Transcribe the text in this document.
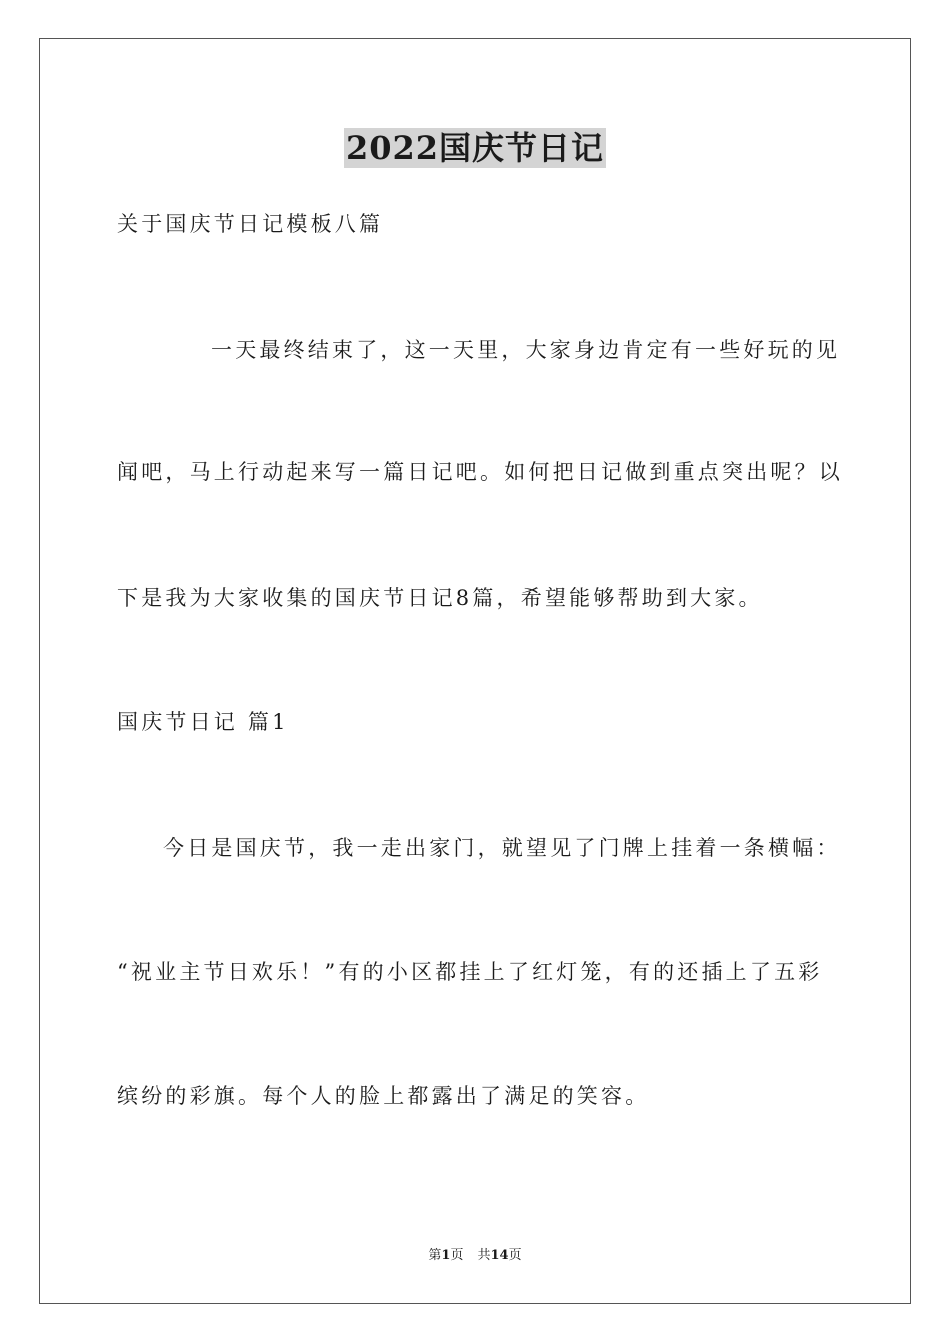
2022国庆节日记
关于国庆节日记模板八篇
一天最终结束了，这一天里，大家身边肯定有一些好玩的见
闻吧，马上行动起来写一篇日记吧。如何把日记做到重点突出呢？以
下是我为大家收集的国庆节日记8篇，希望能够帮助到大家。
国庆节日记 篇1
今日是国庆节，我一走出家门，就望见了门牌上挂着一条横幅：
“祝业主节日欢乐！”有的小区都挂上了红灯笼，有的还插上了五彩
缤纷的彩旗。每个人的脸上都露出了满足的笑容。
第1页 共14页
